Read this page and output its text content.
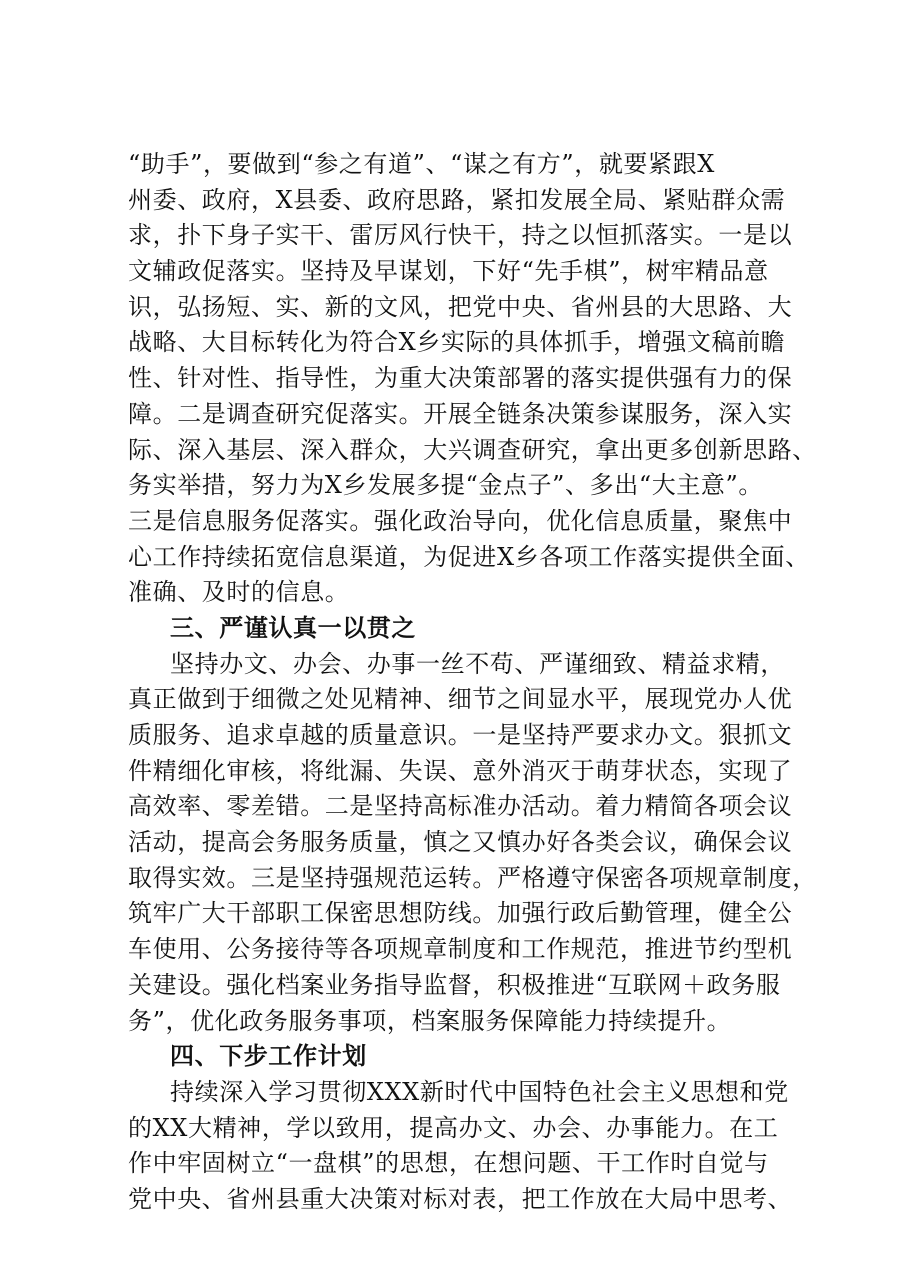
“助手”，要做到“参之有道”、“谋之有方”，就要紧跟X
州委、政府，X县委、政府思路，紧扣发展全局、紧贴群众需
求，扑下身子实干、雷厉风行快干，持之以恒抓落实。一是以
文辅政促落实。坚持及早谋划，下好“先手棋”，树牢精品意
识，弘扬短、实、新的文风，把党中央、省州县的大思路、大
战略、大目标转化为符合X乡实际的具体抓手，增强文稿前瞻
性、针对性、指导性，为重大决策部署的落实提供强有力的保
障。二是调查研究促落实。开展全链条决策参谋服务，深入实
际、深入基层、深入群众，大兴调查研究，拿出更多创新思路、
务实举措，努力为X乡发展多提“金点子”、多出“大主意”。
三是信息服务促落实。强化政治导向，优化信息质量，聚焦中
心工作持续拓宽信息渠道，为促进X乡各项工作落实提供全面、
准确、及时的信息。
三、严谨认真一以贯之
坚持办文、办会、办事一丝不苟、严谨细致、精益求精，
真正做到于细微之处见精神、细节之间显水平，展现党办人优
质服务、追求卓越的质量意识。一是坚持严要求办文。狠抓文
件精细化审核，将纰漏、失误、意外消灭于萌芽状态，实现了
高效率、零差错。二是坚持高标准办活动。着力精简各项会议
活动，提高会务服务质量，慎之又慎办好各类会议，确保会议
取得实效。三是坚持强规范运转。严格遵守保密各项规章制度，
筑牢广大干部职工保密思想防线。加强行政后勤管理，健全公
车使用、公务接待等各项规章制度和工作规范，推进节约型机
关建设。强化档案业务指导监督，积极推进“互联网＋政务服
务”，优化政务服务事项，档案服务保障能力持续提升。
四、下步工作计划
持续深入学习贯彻XXX新时代中国特色社会主义思想和党
的XX大精神，学以致用，提高办文、办会、办事能力。在工
作中牢固树立“一盘棋”的思想，在想问题、干工作时自觉与
党中央、省州县重大决策对标对表，把工作放在大局中思考、
